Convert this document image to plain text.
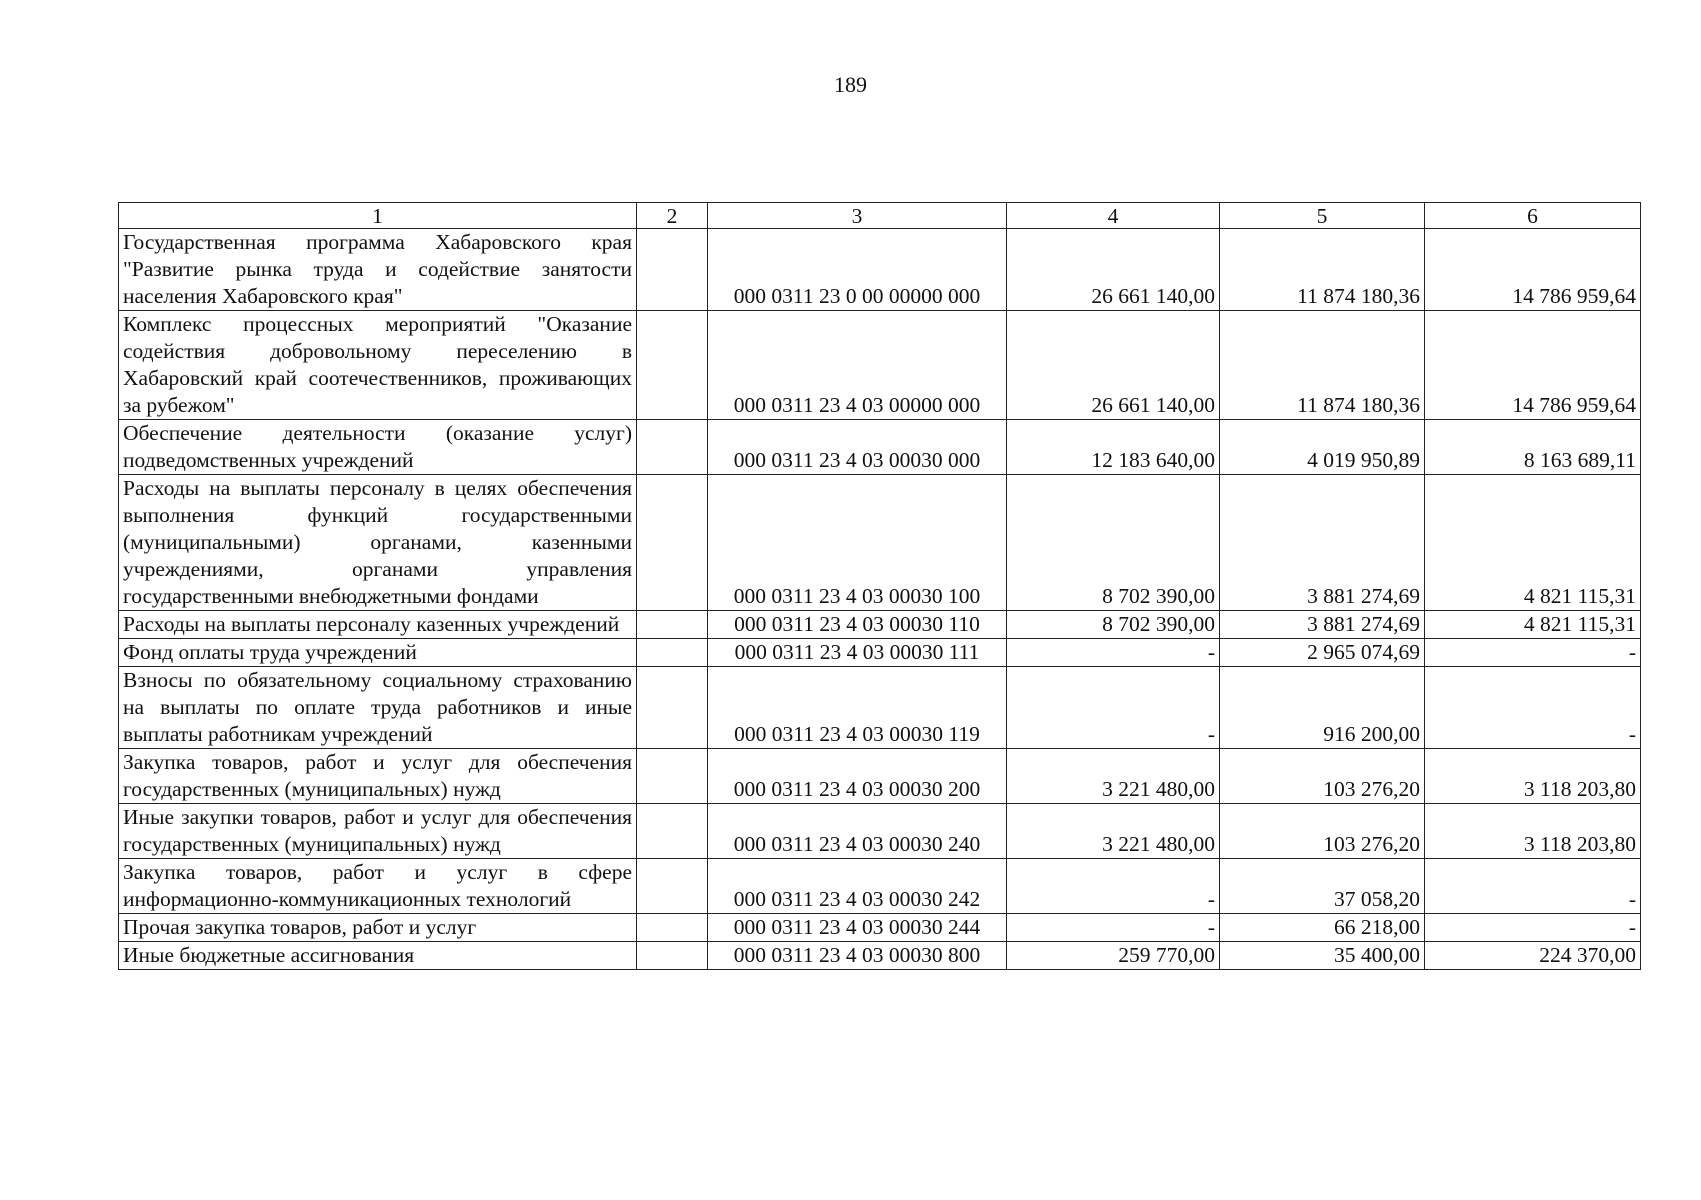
189
1	2	3	4	5	6
Государственная программа Хабаровского края "Развитие рынка труда и содействие занятости населения Хабаровского края"		000 0311 23 0 00 00000 000	26 661 140,00	11 874 180,36	14 786 959,64
Комплекс процессных мероприятий "Оказание содействия добровольному переселению в Хабаровский край соотечественников, проживающих за рубежом"		000 0311 23 4 03 00000 000	26 661 140,00	11 874 180,36	14 786 959,64
Обеспечение деятельности (оказание услуг) подведомственных учреждений		000 0311 23 4 03 00030 000	12 183 640,00	4 019 950,89	8 163 689,11
Расходы на выплаты персоналу в целях обеспечения выполнения функций государственными (муниципальными) органами, казенными учреждениями, органами управления государственными внебюджетными фондами		000 0311 23 4 03 00030 100	8 702 390,00	3 881 274,69	4 821 115,31
Расходы на выплаты персоналу казенных учреждений		000 0311 23 4 03 00030 110	8 702 390,00	3 881 274,69	4 821 115,31
Фонд оплаты труда учреждений		000 0311 23 4 03 00030 111	-	2 965 074,69	-
Взносы по обязательному социальному страхованию на выплаты по оплате труда работников и иные выплаты работникам учреждений		000 0311 23 4 03 00030 119	-	916 200,00	-
Закупка товаров, работ и услуг для обеспечения государственных (муниципальных) нужд		000 0311 23 4 03 00030 200	3 221 480,00	103 276,20	3 118 203,80
Иные закупки товаров, работ и услуг для обеспечения государственных (муниципальных) нужд		000 0311 23 4 03 00030 240	3 221 480,00	103 276,20	3 118 203,80
Закупка товаров, работ и услуг в сфере информационно-коммуникационных технологий		000 0311 23 4 03 00030 242	-	37 058,20	-
Прочая закупка товаров, работ и услуг		000 0311 23 4 03 00030 244	-	66 218,00	-
Иные бюджетные ассигнования		000 0311 23 4 03 00030 800	259 770,00	35 400,00	224 370,00
